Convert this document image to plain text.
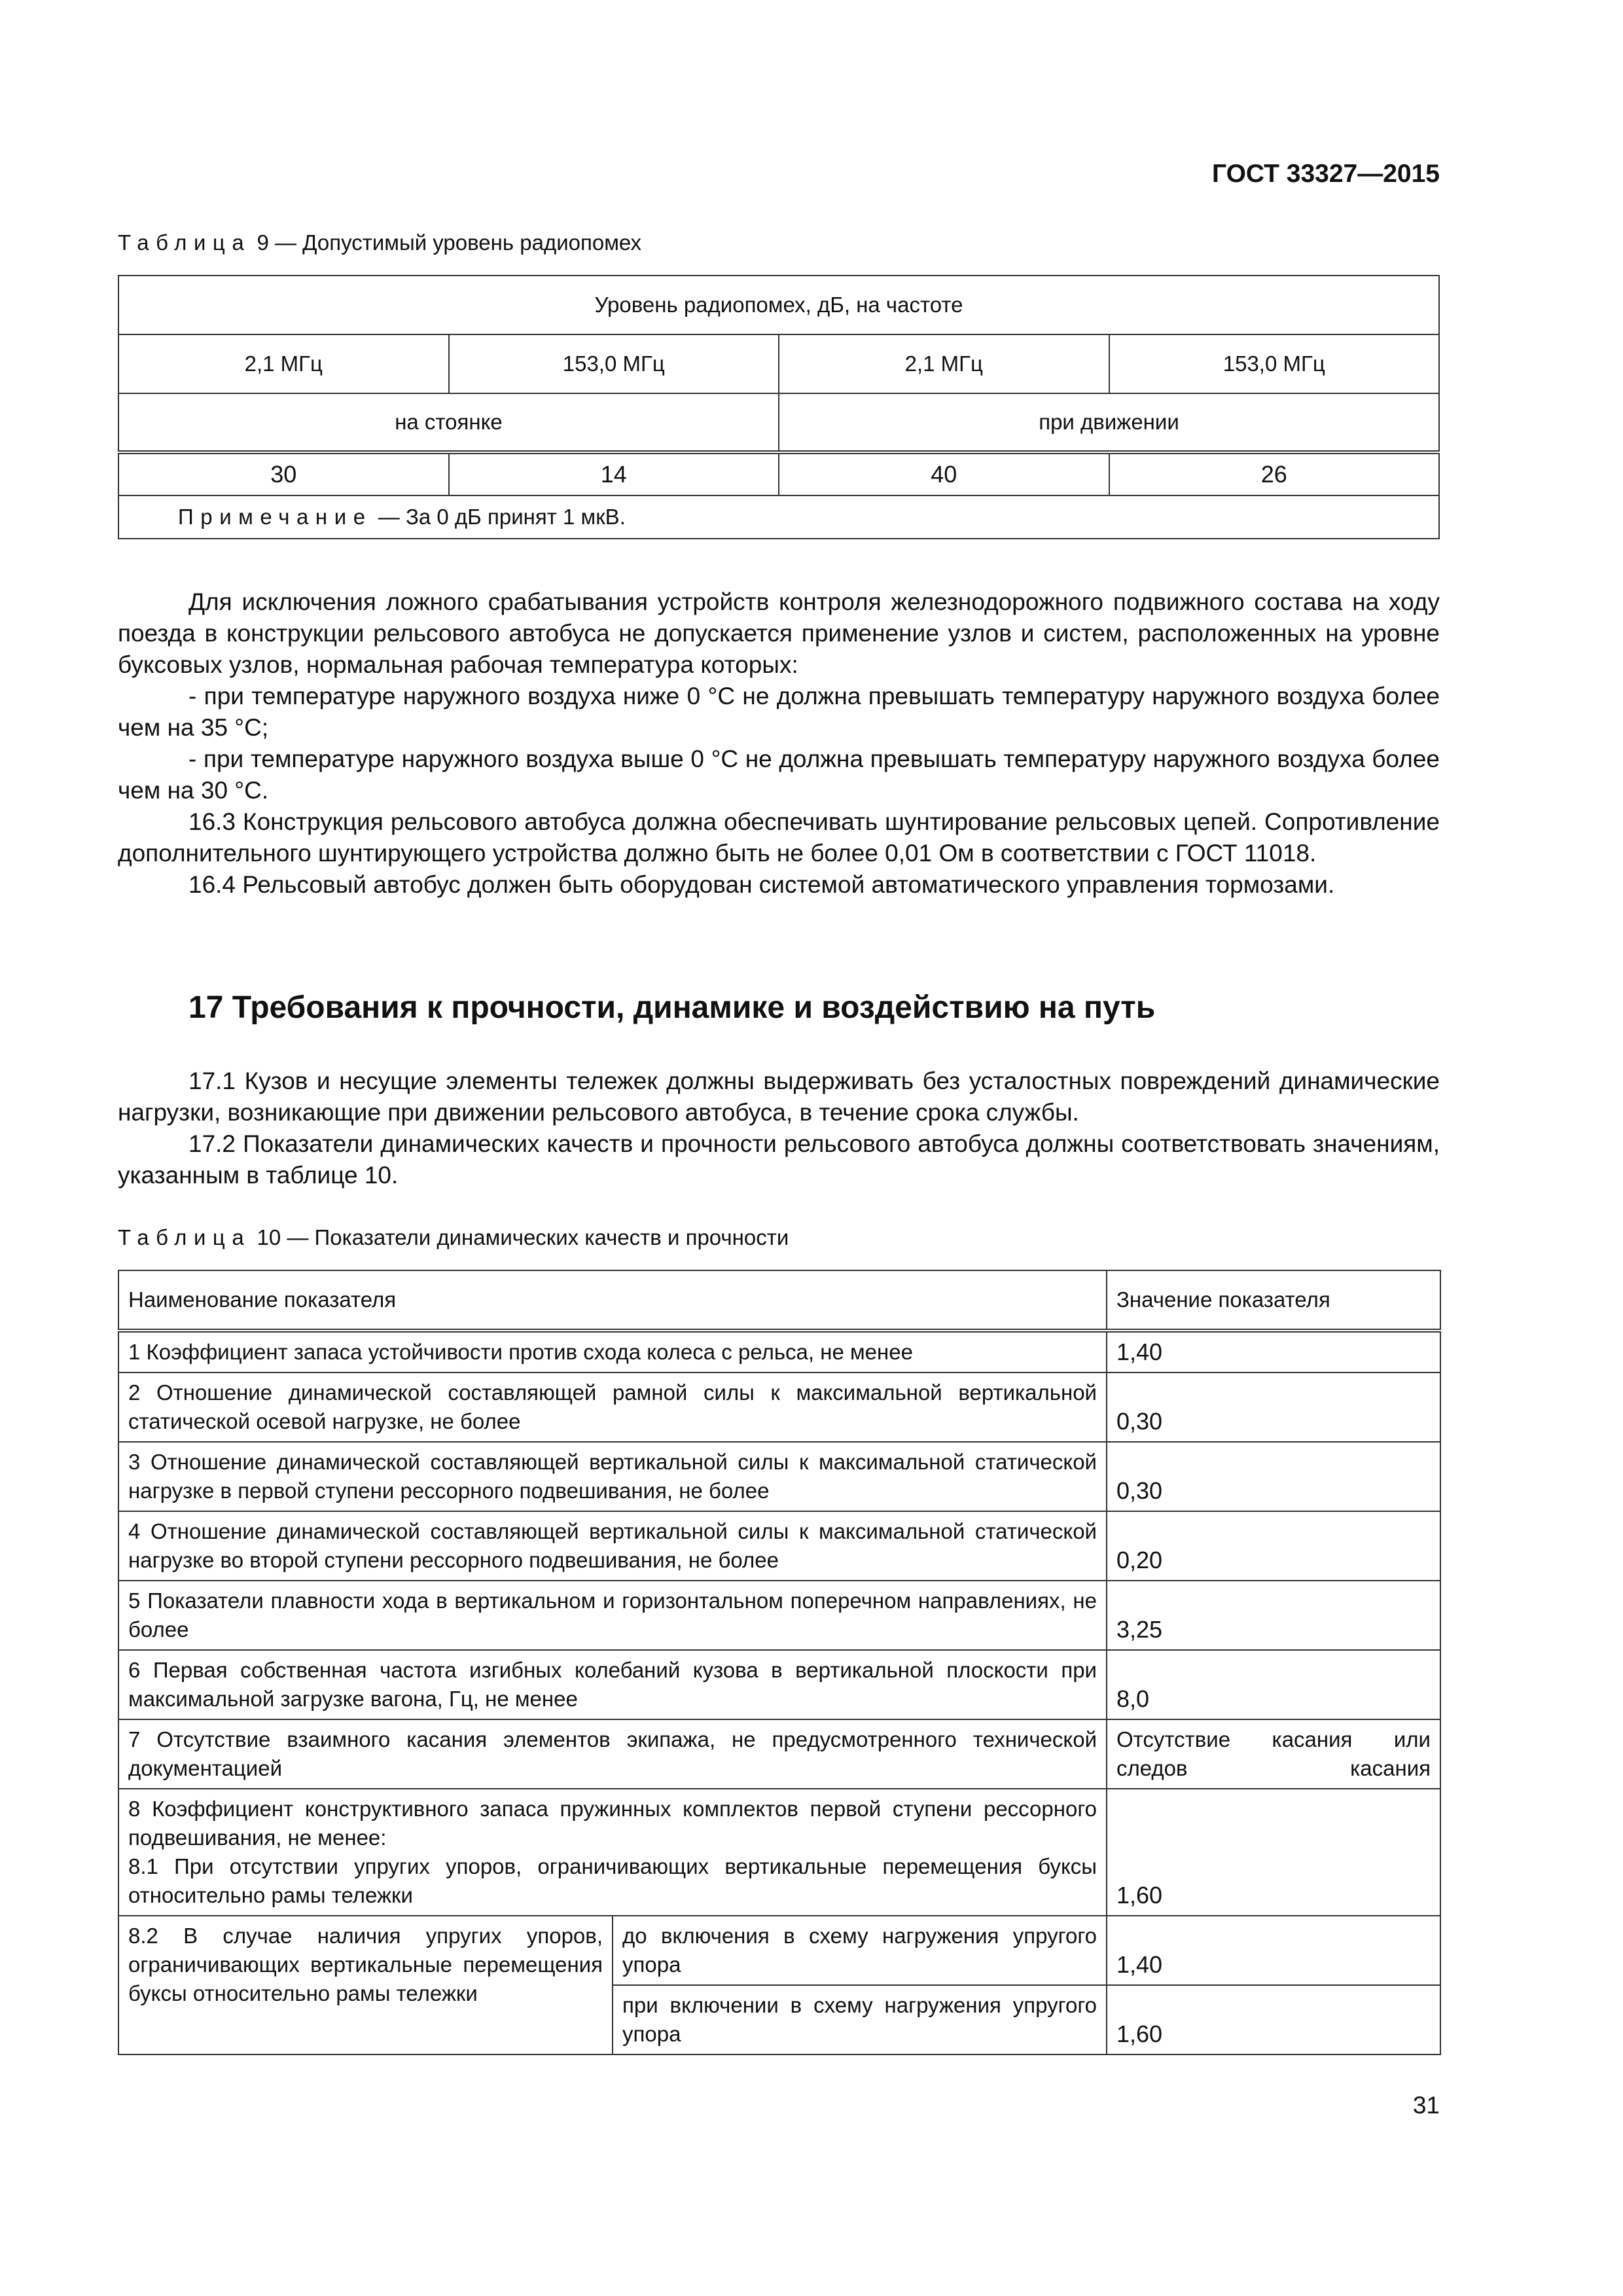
ГОСТ 33327—2015
Таблица 9 — Допустимый уровень радиопомех
Уровень радиопомех, дБ, на частоте			
2,1 МГц	153,0 МГц	2,1 МГц	153,0 МГц
на стоянке		при движении	
30	14	40	26
Примечание — За 0 дБ принят 1 мкВ.			

Для исключения ложного срабатывания устройств контроля железнодорожного подвижного состава на ходу поезда в конструкции рельсового автобуса не допускается применение узлов и систем, расположенных на уровне буксовых узлов, нормальная рабочая температура которых:

- при температуре наружного воздуха ниже 0 °С не должна превышать температуру наружного воздуха более чем на 35 °С;

- при температуре наружного воздуха выше 0 °С не должна превышать температуру наружного воздуха более чем на 30 °С.

16.3 Конструкция рельсового автобуса должна обеспечивать шунтирование рельсовых цепей. Сопротивление дополнительного шунтирующего устройства должно быть не более 0,01 Ом в соответствии с ГОСТ 11018.

16.4 Рельсовый автобус должен быть оборудован системой автоматического управления тормозами.

17 Требования к прочности, динамике и воздействию на путь

17.1 Кузов и несущие элементы тележек должны выдерживать без усталостных повреждений динамические нагрузки, возникающие при движении рельсового автобуса, в течение срока службы.

17.2 Показатели динамических качеств и прочности рельсового автобуса должны соответствовать значениям, указанным в таблице 10.

Таблица 10 — Показатели динамических качеств и прочности
Наименование показателя		Значение показателя
1 Коэффициент запаса устойчивости против схода колеса с рельса, не менее		1,40
2 Отношение динамической составляющей рамной силы к максимальной вертикальной статической осевой нагрузке, не более		0,30
3 Отношение динамической составляющей вертикальной силы к максимальной статической нагрузке в первой ступени рессорного подвешивания, не более		0,30
4 Отношение динамической составляющей вертикальной силы к максимальной статической нагрузке во второй ступени рессорного подвешивания, не более		0,20
5 Показатели плавности хода в вертикальном и горизонтальном поперечном направлениях, не более		3,25
6 Первая собственная частота изгибных колебаний кузова в вертикальной плоскости при максимальной загрузке вагона, Гц, не менее		8,0
7 Отсутствие взаимного касания элементов экипажа, не предусмотренного технической документацией		Отсутствие касания или следов касания

8 Коэффициент конструктивного запаса пружинных комплектов первой ступени рессорного подвешивания, не менее:
8.1 При отсутствии упругих упоров, ограничивающих вертикальные перемещения буксы относительно рамы тележки		1,60
8.2 В случае наличия упругих упоров, ограничивающих вертикальные перемещения буксы относительно рамы тележки	до включения в схему нагружения упругого упора	1,40
	при включении в схему нагружения упругого упора	1,60
31
